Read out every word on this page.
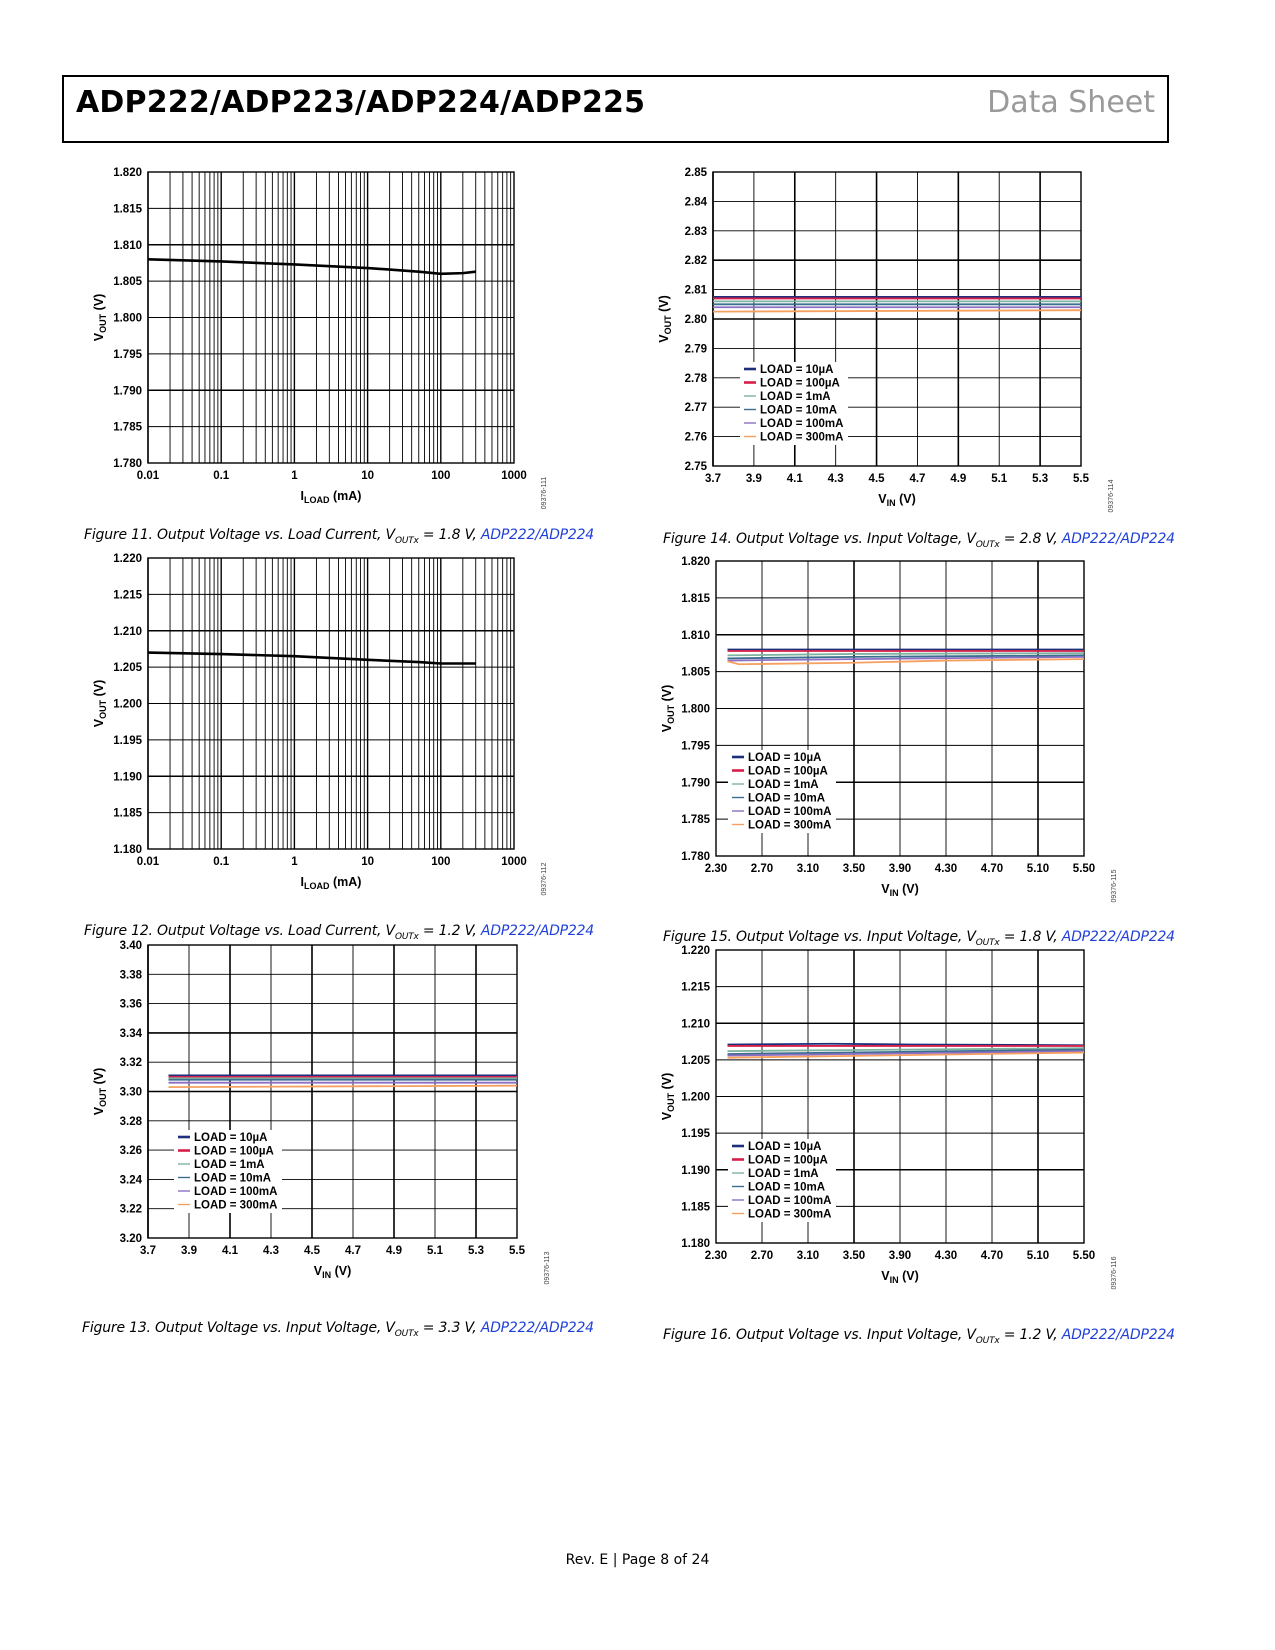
ADP222/ADP223/ADP224/ADP225	Data Sheet
1.780
1.785
1.790
1.795
1.800
1.805
1.810
1.815
1.820
0.01	0.1	1	10	100	1000
$I_{LOAD}$ (mA)
$V_{OUT}$ (V)
09376-111
Figure 11. Output Voltage vs. Load Current, $V_{OUTx} = 1.8$ V, ADP222/ADP224
1.180
1.185
1.190
1.195
1.200
1.205
1.210
1.215
1.220
0.01	0.1	1	10	100	1000
$I_{LOAD}$ (mA)
$V_{OUT}$ (V)
09376-112
Figure 12. Output Voltage vs. Load Current, $V_{OUTx} = 1.2$ V, ADP222/ADP224
3.20
3.22
3.24
3.26
3.28
3.30
3.32
3.34
3.36
3.38
3.40
3.7 3.9 4.1 4.3 4.5 4.7 4.9 5.1 5.3 5.5
$V_{IN}$ (V)
$V_{OUT}$ (V)
09376-113
LOAD = 10µA
LOAD = 100µA
LOAD = 1mA
LOAD = 10mA
LOAD = 100mA
LOAD = 300mA
Figure 13. Output Voltage vs. Input Voltage, $V_{OUTx} = 3.3$ V, ADP222/ADP224
2.75
2.76
2.77
2.78
2.79
2.80
2.81
2.82
2.83
2.84
2.85
3.7 3.9 4.1 4.3 4.5 4.7 4.9 5.1 5.3 5.5
$V_{IN}$ (V)
$V_{OUT}$ (V)
09376-114
LOAD = 10µA
LOAD = 100µA
LOAD = 1mA
LOAD = 10mA
LOAD = 100mA
LOAD = 300mA
Figure 14. Output Voltage vs. Input Voltage, $V_{OUTx} = 2.8$ V, ADP222/ADP224
1.780
1.785
1.790
1.795
1.800
1.805
1.810
1.815
1.820
2.30 2.70 3.10 3.50 3.90 4.30 4.70 5.10 5.50
$V_{IN}$ (V)
$V_{OUT}$ (V)
09376-115
LOAD = 10µA
LOAD = 100µA
LOAD = 1mA
LOAD = 10mA
LOAD = 100mA
LOAD = 300mA
Figure 15. Output Voltage vs. Input Voltage, $V_{OUTx} = 1.8$ V, ADP222/ADP224
1.180
1.185
1.190
1.195
1.200
1.205
1.210
1.215
1.220
2.30 2.70 3.10 3.50 3.90 4.30 4.70 5.10 5.50
$V_{IN}$ (V)
$V_{OUT}$ (V)
09376-116
LOAD = 10µA
LOAD = 100µA
LOAD = 1mA
LOAD = 10mA
LOAD = 100mA
LOAD = 300mA
Figure 16. Output Voltage vs. Input Voltage, $V_{OUTx} = 1.2$ V, ADP222/ADP224
Rev. E | Page 8 of 24
